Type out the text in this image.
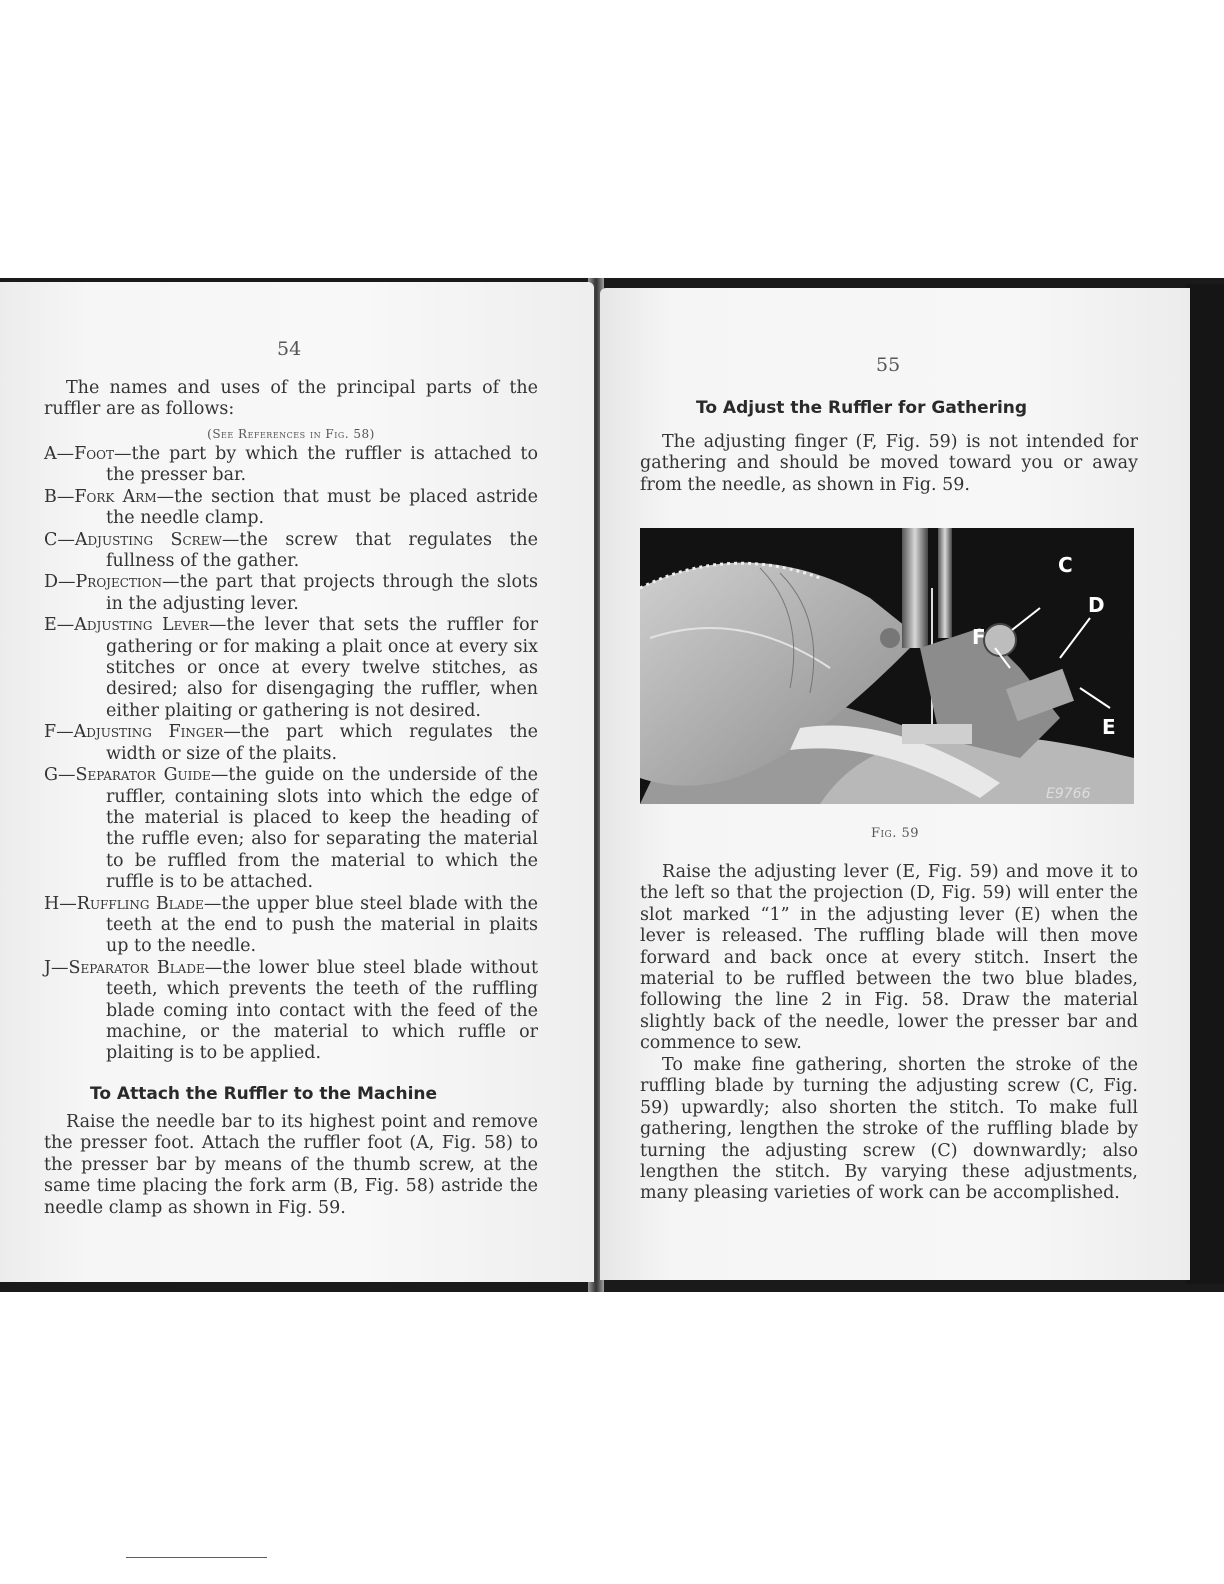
54

The names and uses of the principal parts of the ruffler are as follows:

(See References in Fig. 58)

A—Foot—the part by which the ruffler is attached to the presser bar.

B—Fork Arm—the section that must be placed astride the needle clamp.

C—Adjusting Screw—the screw that regulates the fullness of the gather.

D—Projection—the part that projects through the slots in the adjusting lever.

E—Adjusting Lever—the lever that sets the ruffler for gathering or for making a plait once at every six stitches or once at every twelve stitches, as desired; also for disengaging the ruffler, when either plaiting or gathering is not desired.

F—Adjusting Finger—the part which regulates the width or size of the plaits.

G—Separator Guide—the guide on the underside of the ruffler, containing slots into which the edge of the material is placed to keep the heading of the ruffle even; also for separating the material to be ruffled from the material to which the ruffle is to be attached.

H—Ruffling Blade—the upper blue steel blade with the teeth at the end to push the material in plaits up to the needle.

J—Separator Blade—the lower blue steel blade without teeth, which prevents the teeth of the ruffling blade coming into contact with the feed of the machine, or the material to which ruffle or plaiting is to be applied.

To Attach the Ruffler to the Machine

Raise the needle bar to its highest point and remove the presser foot. Attach the ruffler foot (A, Fig. 58) to the presser bar by means of the thumb screw, at the same time placing the fork arm (B, Fig. 58) astride the needle clamp as shown in Fig. 59.

55
To Adjust the Ruffler for Gathering

The adjusting finger (F, Fig. 59) is not intended for gathering and should be moved toward you or away from the needle, as shown in Fig. 59.

C
D
F
E
E9766
Fig. 59

Raise the adjusting lever (E, Fig. 59) and move it to the left so that the projection (D, Fig. 59) will enter the slot marked “1” in the adjusting lever (E) when the lever is released. The ruffling blade will then move forward and back once at every stitch. Insert the material to be ruffled between the two blue blades, following the line 2 in Fig. 58. Draw the material slightly back of the needle, lower the presser bar and commence to sew.

To make fine gathering, shorten the stroke of the ruffling blade by turning the adjusting screw (C, Fig. 59) upwardly; also shorten the stitch. To make full gathering, lengthen the stroke of the ruffling blade by turning the adjusting screw (C) downwardly; also lengthen the stitch. By varying these adjustments, many pleasing varieties of work can be accomplished.
